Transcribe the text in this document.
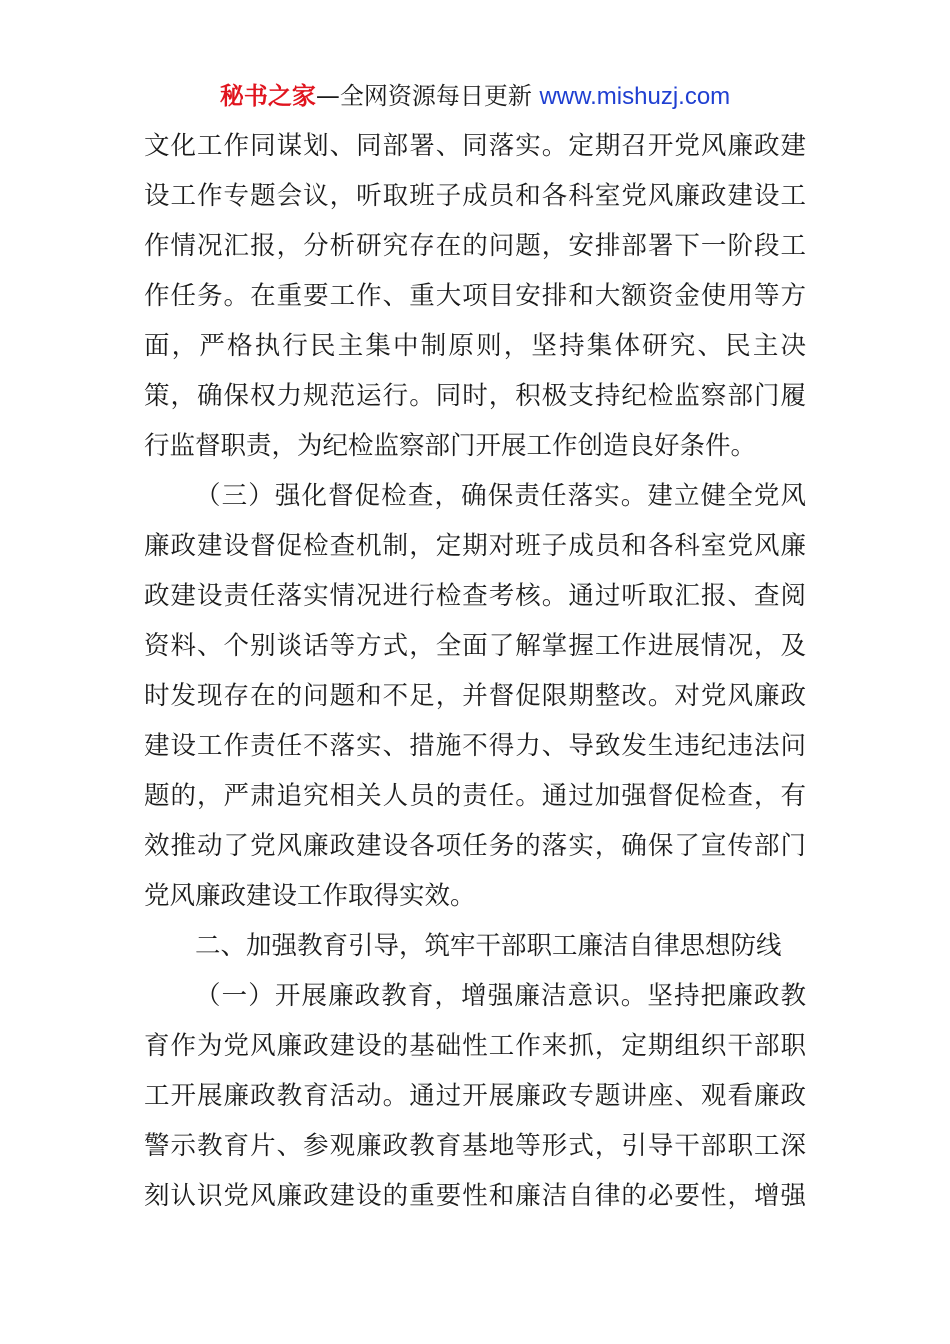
秘书之家—全网资源每日更新 www.mishuzj.com
文化工作同谋划、同部署、同落实。定期召开党风廉政建
设工作专题会议，听取班子成员和各科室党风廉政建设工
作情况汇报，分析研究存在的问题，安排部署下一阶段工
作任务。在重要工作、重大项目安排和大额资金使用等方
面，严格执行民主集中制原则，坚持集体研究、民主决
策，确保权力规范运行。同时，积极支持纪检监察部门履
行监督职责，为纪检监察部门开展工作创造良好条件。
（三）强化督促检查，确保责任落实。建立健全党风
廉政建设督促检查机制，定期对班子成员和各科室党风廉
政建设责任落实情况进行检查考核。通过听取汇报、查阅
资料、个别谈话等方式，全面了解掌握工作进展情况，及
时发现存在的问题和不足，并督促限期整改。对党风廉政
建设工作责任不落实、措施不得力、导致发生违纪违法问
题的，严肃追究相关人员的责任。通过加强督促检查，有
效推动了党风廉政建设各项任务的落实，确保了宣传部门
党风廉政建设工作取得实效。
二、加强教育引导，筑牢干部职工廉洁自律思想防线
（一）开展廉政教育，增强廉洁意识。坚持把廉政教
育作为党风廉政建设的基础性工作来抓，定期组织干部职
工开展廉政教育活动。通过开展廉政专题讲座、观看廉政
警示教育片、参观廉政教育基地等形式，引导干部职工深
刻认识党风廉政建设的重要性和廉洁自律的必要性，增强
